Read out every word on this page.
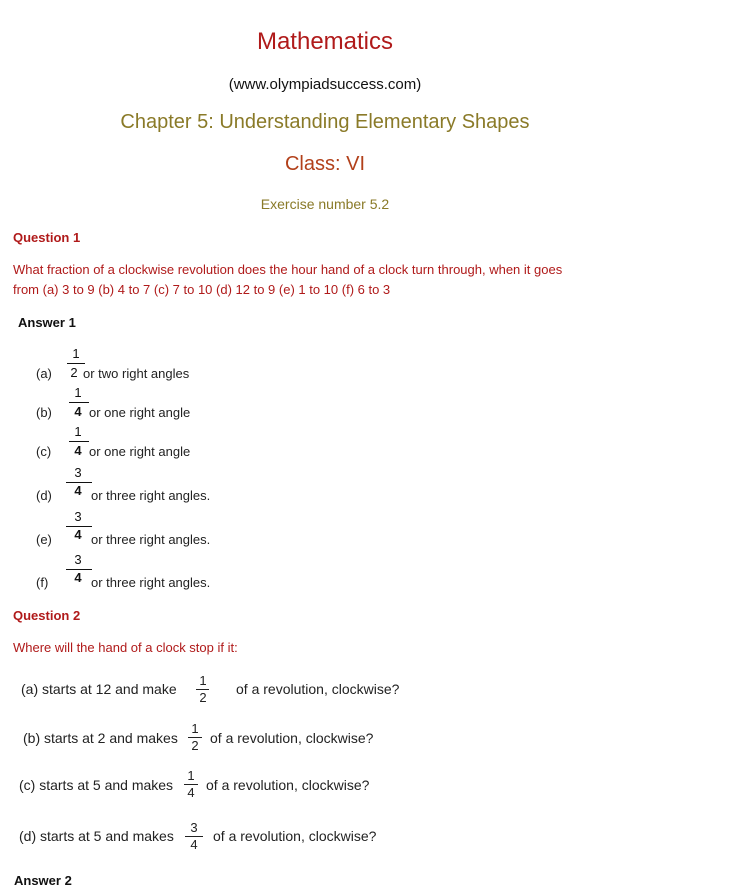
Mathematics
(www.olympiadsuccess.com)
Chapter 5: Understanding Elementary Shapes
Class: VI
Exercise number 5.2
Question 1
What fraction of a clockwise revolution does the hour hand of a clock turn through, when it goes
from (a) 3 to 9 (b) 4 to 7 (c) 7 to 10 (d) 12 to 9 (e) 1 to 10 (f) 6 to 3
Answer 1
(a)
1
2 or two right angles
(b)
1
4 or one right angle
(c)
1
4 or one right angle
(d)
3
4 or three right angles.
(e)
3
4 or three right angles.
(f)
3
4 or three right angles.
Question 2
Where will the hand of a clock stop if it:
(a) starts at 12 and make
1
2
of a revolution, clockwise?
(b) starts at 2 and makes
1
2 of a revolution, clockwise?
(c) starts at 5 and makes
1
4 of a revolution, clockwise?
(d) starts at 5 and makes
3
4
of a revolution, clockwise?
Answer 2
